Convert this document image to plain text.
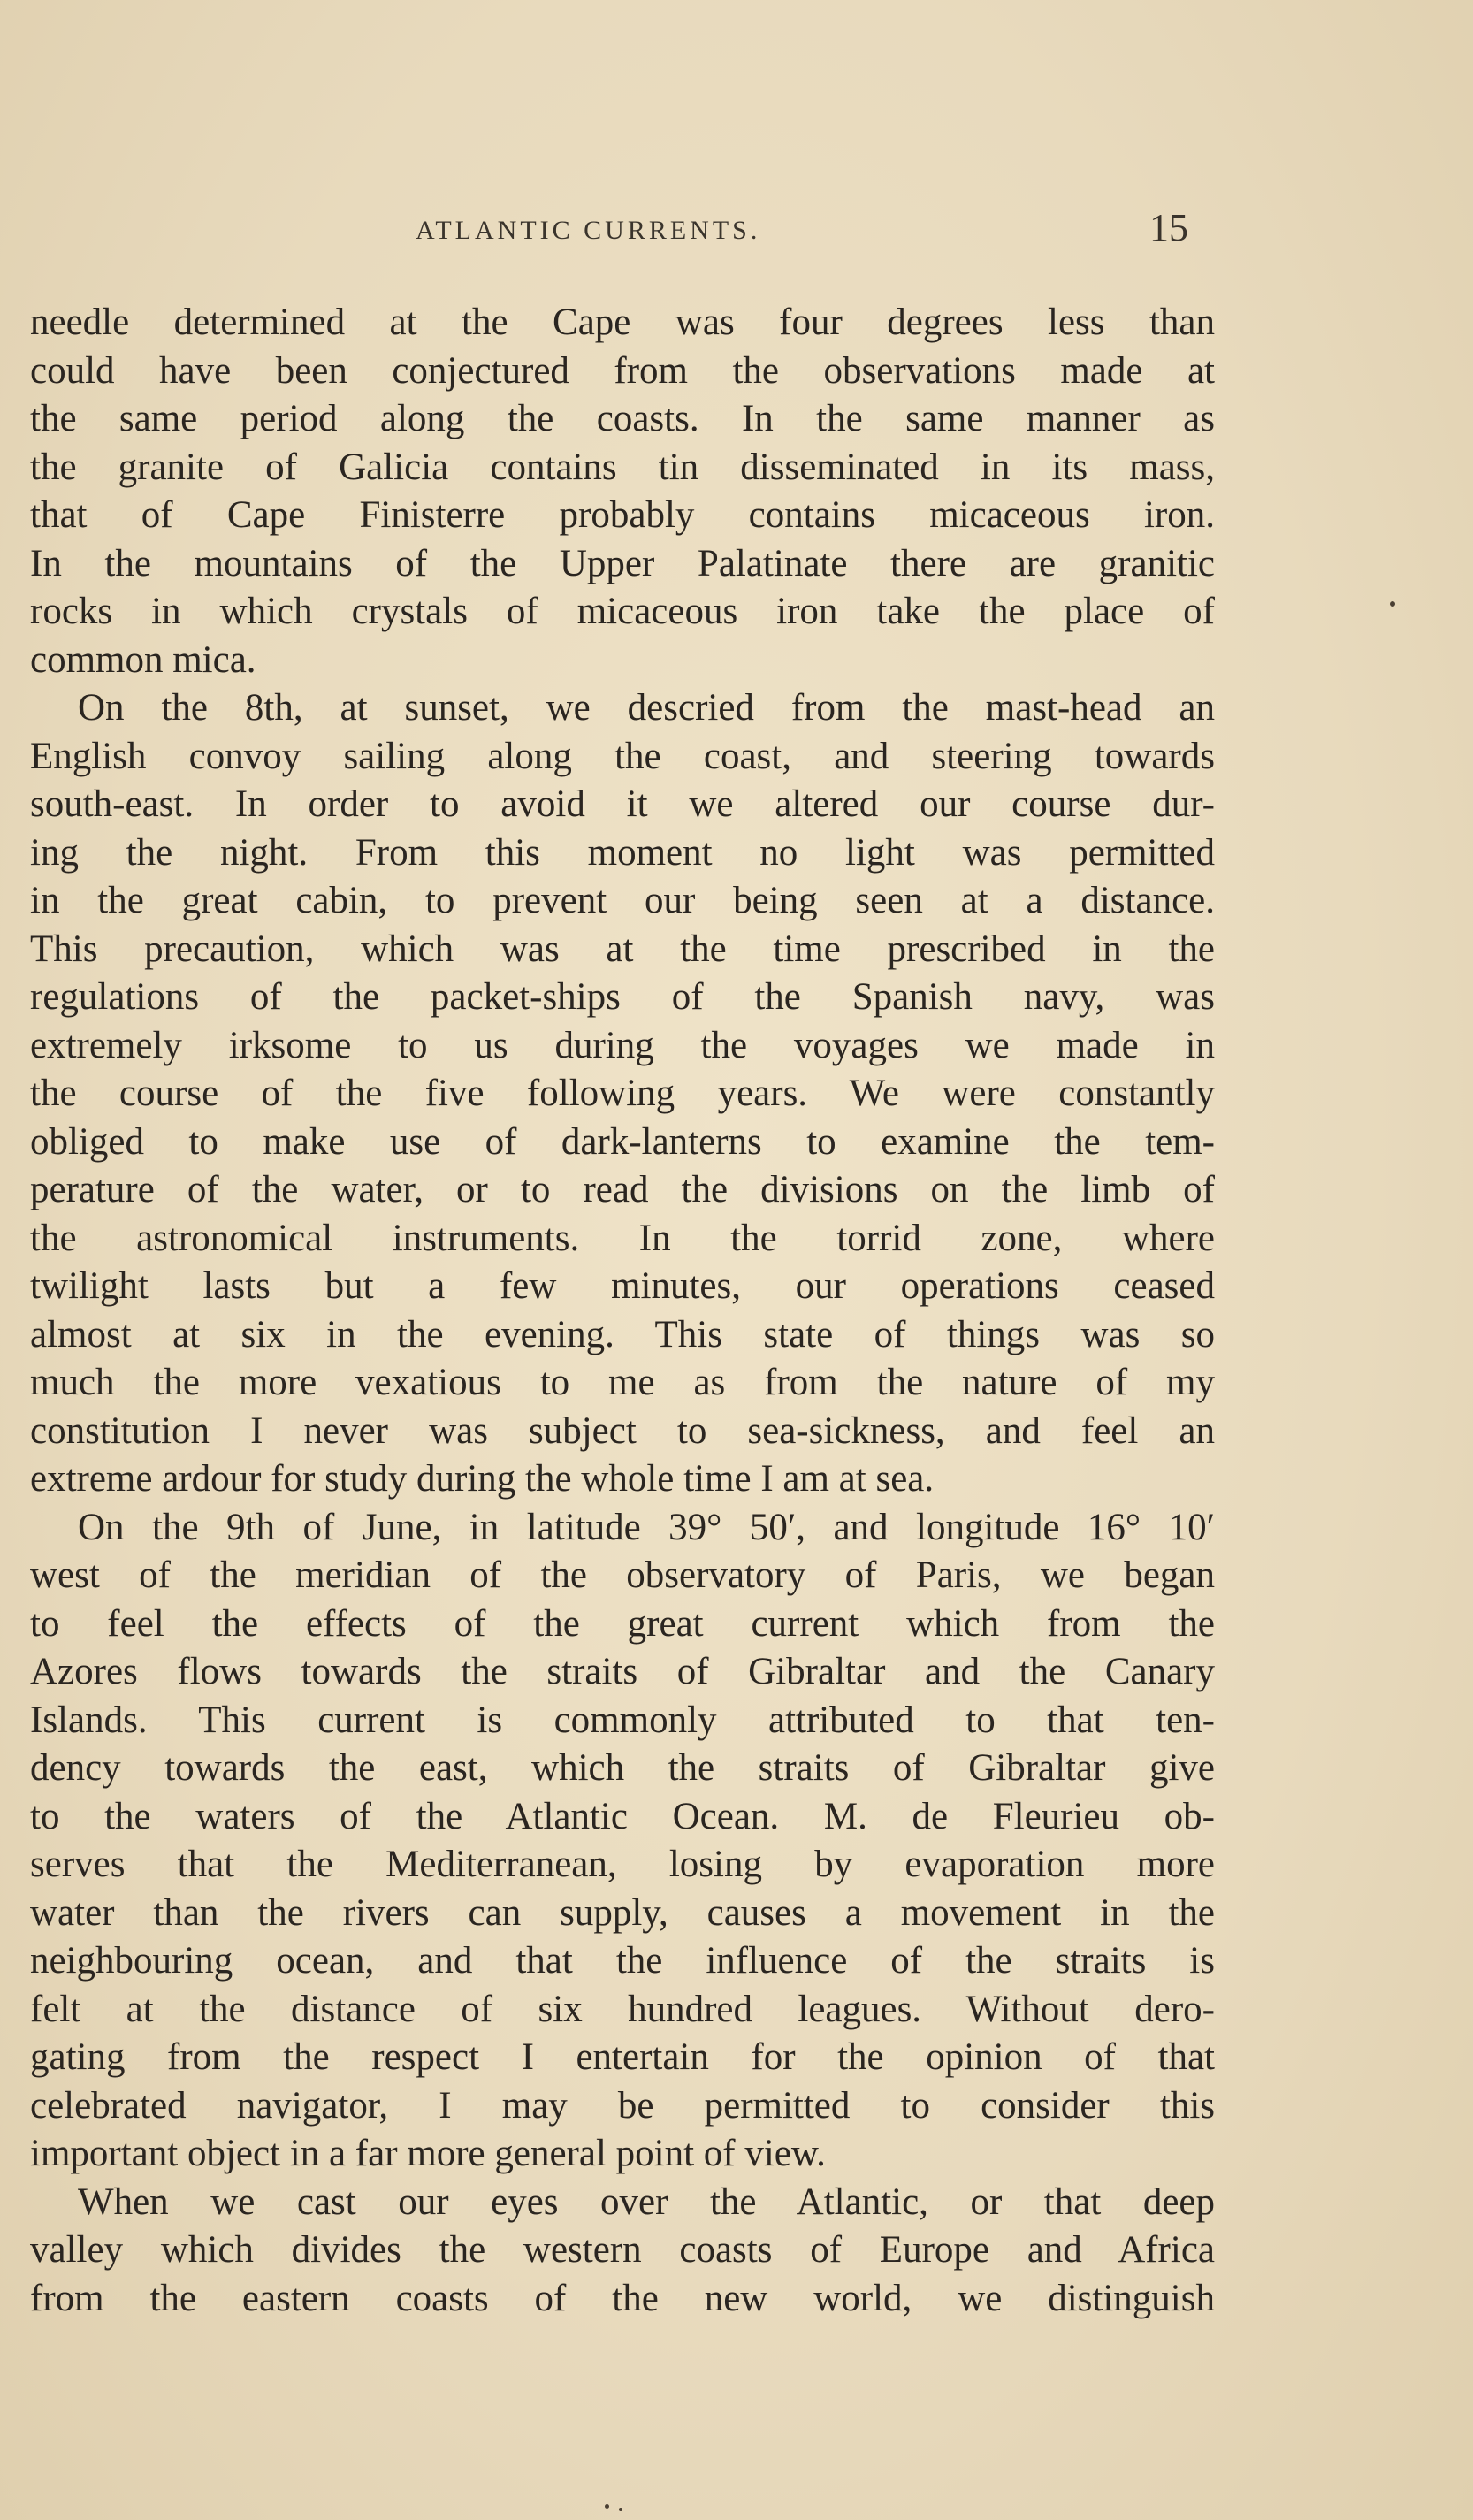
ATLANTIC CURRENTS.	15
needle determined at the Cape was four degrees less than
could have been conjectured from the observations made at
the same period along the coasts. In the same manner as
the granite of Galicia contains tin disseminated in its mass,
that of Cape Finisterre probably contains micaceous iron.
In the mountains of the Upper Palatinate there are granitic
rocks in which crystals of micaceous iron take the place of
common mica.
On the 8th, at sunset, we descried from the mast-head an
English convoy sailing along the coast, and steering towards
south-east. In order to avoid it we altered our course dur-
ing the night. From this moment no light was permitted
in the great cabin, to prevent our being seen at a distance.
This precaution, which was at the time prescribed in the
regulations of the packet-ships of the Spanish navy, was
extremely irksome to us during the voyages we made in
the course of the five following years. We were constantly
obliged to make use of dark-lanterns to examine the tem-
perature of the water, or to read the divisions on the limb of
the astronomical instruments. In the torrid zone, where
twilight lasts but a few minutes, our operations ceased
almost at six in the evening. This state of things was so
much the more vexatious to me as from the nature of my
constitution I never was subject to sea-sickness, and feel an
extreme ardour for study during the whole time I am at sea.
On the 9th of June, in latitude 39° 50′, and longitude 16° 10′
west of the meridian of the observatory of Paris, we began
to feel the effects of the great current which from the
Azores flows towards the straits of Gibraltar and the Canary
Islands. This current is commonly attributed to that ten-
dency towards the east, which the straits of Gibraltar give
to the waters of the Atlantic Ocean. M. de Fleurieu ob-
serves that the Mediterranean, losing by evaporation more
water than the rivers can supply, causes a movement in the
neighbouring ocean, and that the influence of the straits is
felt at the distance of six hundred leagues. Without dero-
gating from the respect I entertain for the opinion of that
celebrated navigator, I may be permitted to consider this
important object in a far more general point of view.
When we cast our eyes over the Atlantic, or that deep
valley which divides the western coasts of Europe and Africa
from the eastern coasts of the new world, we distinguish
